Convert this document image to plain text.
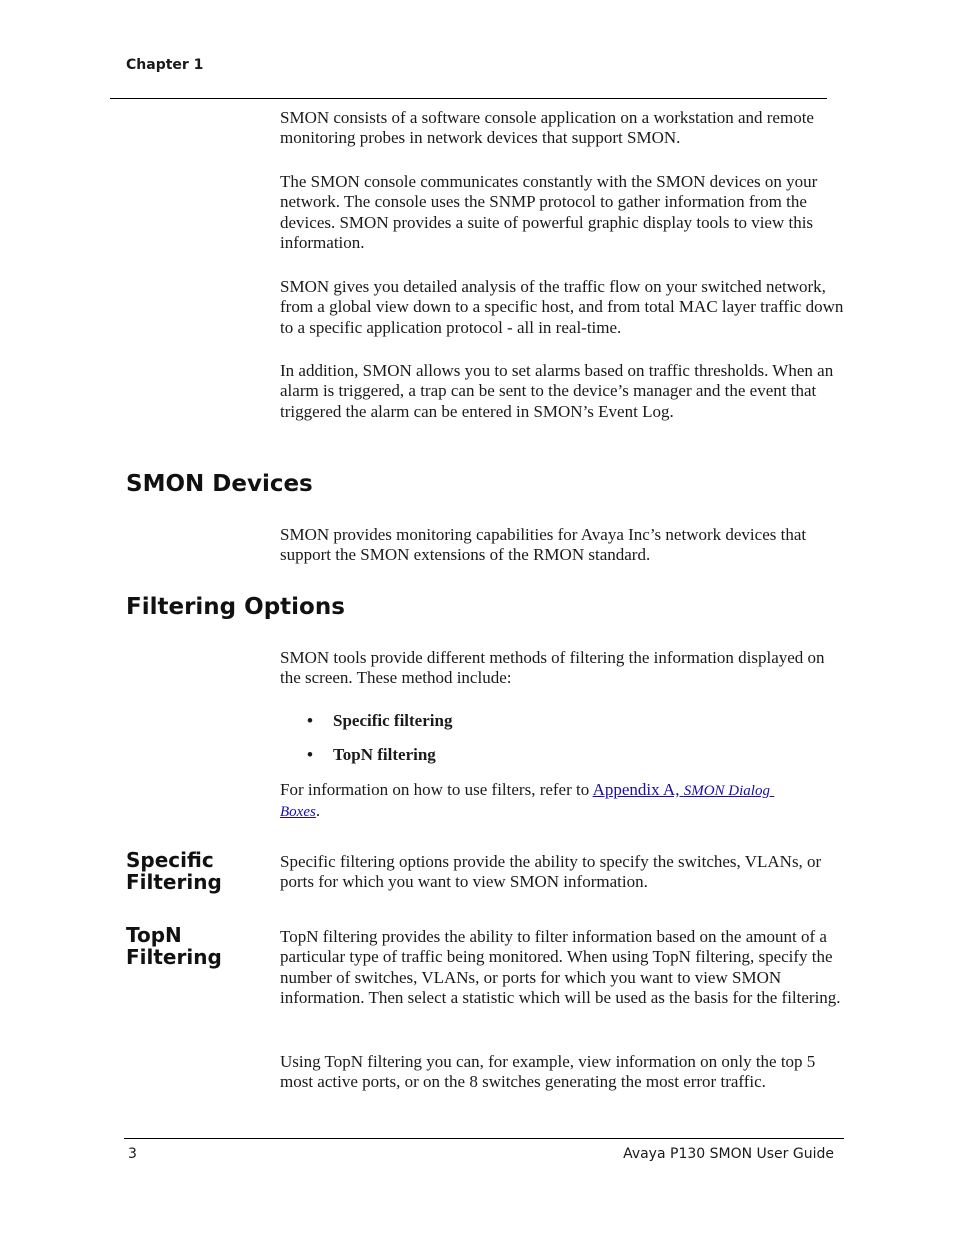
Chapter 1

SMON consists of a software console application on a workstation and remote monitoring probes in network devices that support SMON.

The SMON console communicates constantly with the SMON devices on your network. The console uses the SNMP protocol to gather information from the devices. SMON provides a suite of powerful graphic display tools to view this information.

SMON gives you detailed analysis of the traffic flow on your switched network, from a global view down to a specific host, and from total MAC layer traffic down to a specific application protocol - all in real-time.

In addition, SMON allows you to set alarms based on traffic thresholds. When an alarm is triggered, a trap can be sent to the device’s manager and the event that triggered the alarm can be entered in SMON’s Event Log.

SMON Devices

SMON provides monitoring capabilities for Avaya Inc’s network devices that support the SMON extensions of the RMON standard.

Filtering Options

SMON tools provide different methods of filtering the information displayed on the screen. These method include:

• Specific filtering
• TopN filtering

For information on how to use filters, refer to Appendix A, SMON Dialog
Boxes.

Specific
Filtering

Specific filtering options provide the ability to specify the switches, VLANs, or ports for which you want to view SMON information.

TopN
Filtering

TopN filtering provides the ability to filter information based on the amount of a particular type of traffic being monitored. When using TopN filtering, specify the number of switches, VLANs, or ports for which you want to view SMON information. Then select a statistic which will be used as the basis for the filtering.

Using TopN filtering you can, for example, view information on only the top 5 most active ports, or on the 8 switches generating the most error traffic.

3	Avaya P130 SMON User Guide
